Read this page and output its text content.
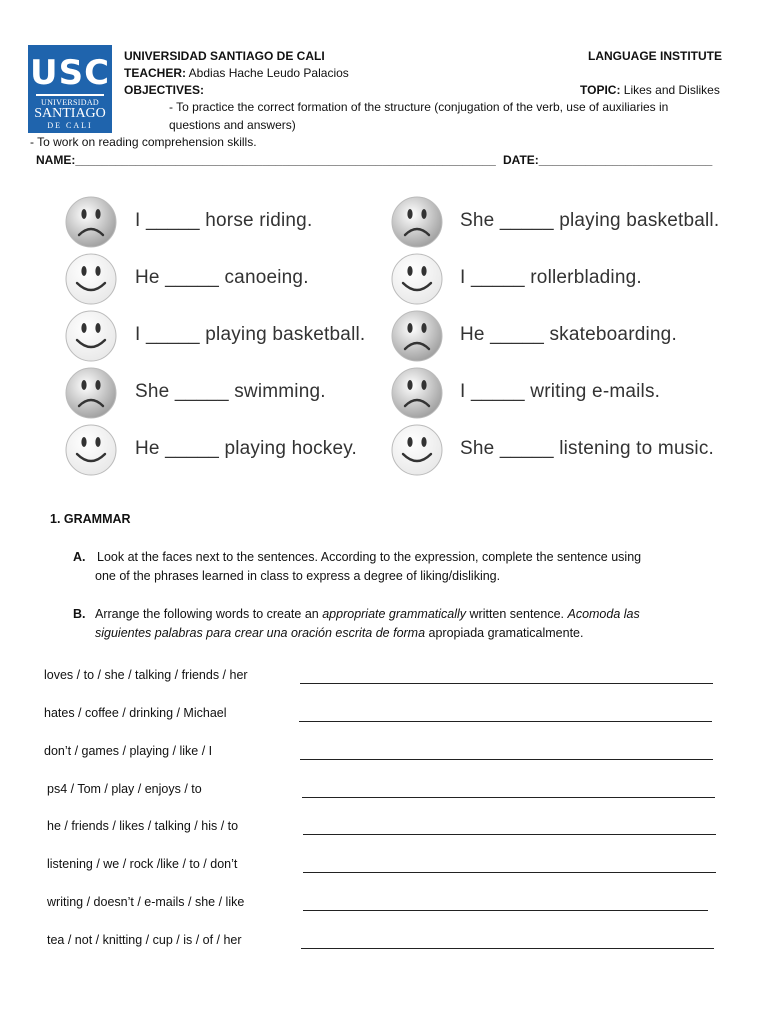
USC
UNIVERSIDAD
SANTIAGO
DE CALI
UNIVERSIDAD SANTIAGO DE CALI	LANGUAGE INSTITUTE
TEACHER: Abdias Hache Leudo Palacios
OBJECTIVES:	TOPIC: Likes and Dislikes
- To practice the correct formation of the structure (conjugation of the verb, use of auxiliaries in
questions and answers)
- To work on reading comprehension skills.
NAME:_______________________________________________________________ DATE:__________________________
I _____ horse riding.
He _____ canoeing.
I _____ playing basketball.
She _____ swimming.
He _____ playing hockey.
She _____ playing basketball.
I _____ rollerblading.
He _____ skateboarding.
I _____ writing e-mails.
She _____ listening to music.
1. GRAMMAR
A. Look at the faces next to the sentences. According to the expression, complete the sentence using
one of the phrases learned in class to express a degree of liking/disliking.
B. Arrange the following words to create an appropriate grammatically written sentence. Acomoda las
siguientes palabras para crear una oración escrita de forma apropiada gramaticalmente.
loves / to / she / talking / friends / her
hates / coffee / drinking / Michael
don’t / games / playing / like / I
ps4 / Tom / play / enjoys / to
he / friends / likes / talking / his / to
listening / we / rock /like / to / don’t
writing / doesn’t / e-mails / she / like
tea / not / knitting / cup / is / of / her
